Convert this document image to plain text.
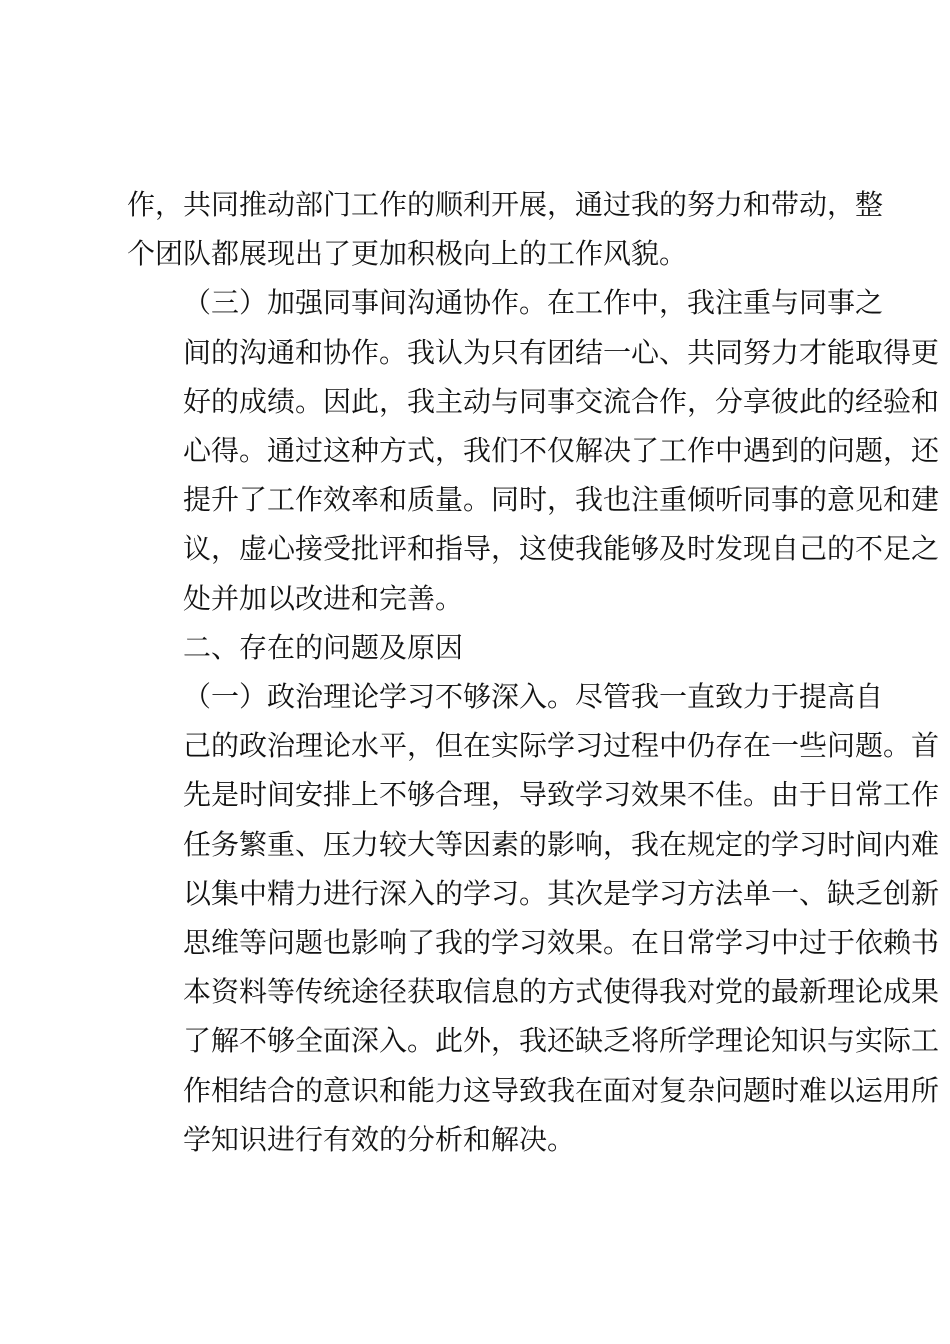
作，共同推动部门工作的顺利开展，通过我的努力和带动，整
个团队都展现出了更加积极向上的工作风貌。

（三）加强同事间沟通协作。在工作中，我注重与同事之
间的沟通和协作。我认为只有团结一心、共同努力才能取得更
好的成绩。因此，我主动与同事交流合作，分享彼此的经验和
心得。通过这种方式，我们不仅解决了工作中遇到的问题，还
提升了工作效率和质量。同时，我也注重倾听同事的意见和建
议，虚心接受批评和指导，这使我能够及时发现自己的不足之
处并加以改进和完善。

二、存在的问题及原因

（一）政治理论学习不够深入。尽管我一直致力于提高自
己的政治理论水平，但在实际学习过程中仍存在一些问题。首
先是时间安排上不够合理，导致学习效果不佳。由于日常工作
任务繁重、压力较大等因素的影响，我在规定的学习时间内难
以集中精力进行深入的学习。其次是学习方法单一、缺乏创新
思维等问题也影响了我的学习效果。在日常学习中过于依赖书
本资料等传统途径获取信息的方式使得我对党的最新理论成果
了解不够全面深入。此外，我还缺乏将所学理论知识与实际工
作相结合的意识和能力这导致我在面对复杂问题时难以运用所
学知识进行有效的分析和解决。
